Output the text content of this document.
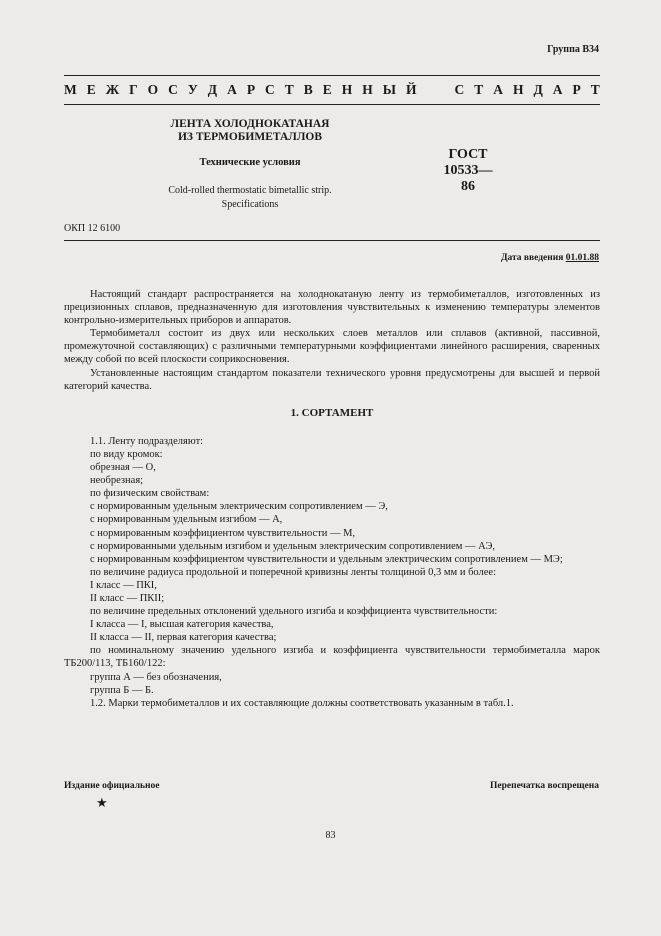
Группа В34
М Е Ж Г О С У Д А Р С Т В Е Н Н Ы Й	С Т А Н Д А Р Т
ЛЕНТА ХОЛОДНОКАТАНАЯ
ИЗ ТЕРМОБИМЕТАЛЛОВ
Технические условия
Cold-rolled thermostatic bimetallic strip.
Specifications
ГОСТ
10533—86
ОКП 12 6100
Дата введения 01.01.88

Настоящий стандарт распространяется на холоднокатаную ленту из термобиметаллов, изготовленных из прецизионных сплавов, предназначенную для изготовления чувствительных к изменению температуры элементов контрольно-измерительных приборов и аппаратов.

Термобиметалл состоит из двух или нескольких слоев металлов или сплавов (активной, пассивной, промежуточной составляющих) с различными температурными коэффициентами линейного расширения, сваренных между собой по всей плоскости соприкосновения.

Установленные настоящим стандартом показатели технического уровня предусмотрены для высшей и первой категорий качества.

1. СОРТАМЕНТ

1.1. Ленту подразделяют:

по виду кромок:

обрезная — О,

необрезная;

по физическим свойствам:

с нормированным удельным электрическим сопротивлением — Э,

с нормированным удельным изгибом — А,

с нормированным коэффициентом чувствительности — М,

с нормированными удельным изгибом и удельным электрическим сопротивлением — АЭ,

с нормированным коэффициентом чувствительности и удельным электрическим сопротивлением — МЭ;

по величине радиуса продольной и поперечной кривизны ленты толщиной 0,3 мм и более:

I класс — ПКI,

II класс — ПКII;

по величине предельных отклонений удельного изгиба и коэффициента чувствительности:

I класса — I, высшая категория качества,

II класса — II, первая категория качества;

по номинальному значению удельного изгиба и коэффициента чувствительности термобиметалла марок ТБ200/113, ТБ160/122:

группа А — без обозначения,

группа Б — Б.

1.2. Марки термобиметаллов и их составляющие должны соответствовать указанным в табл.1.

Издание официальное
★
Перепечатка воспрещена
83
